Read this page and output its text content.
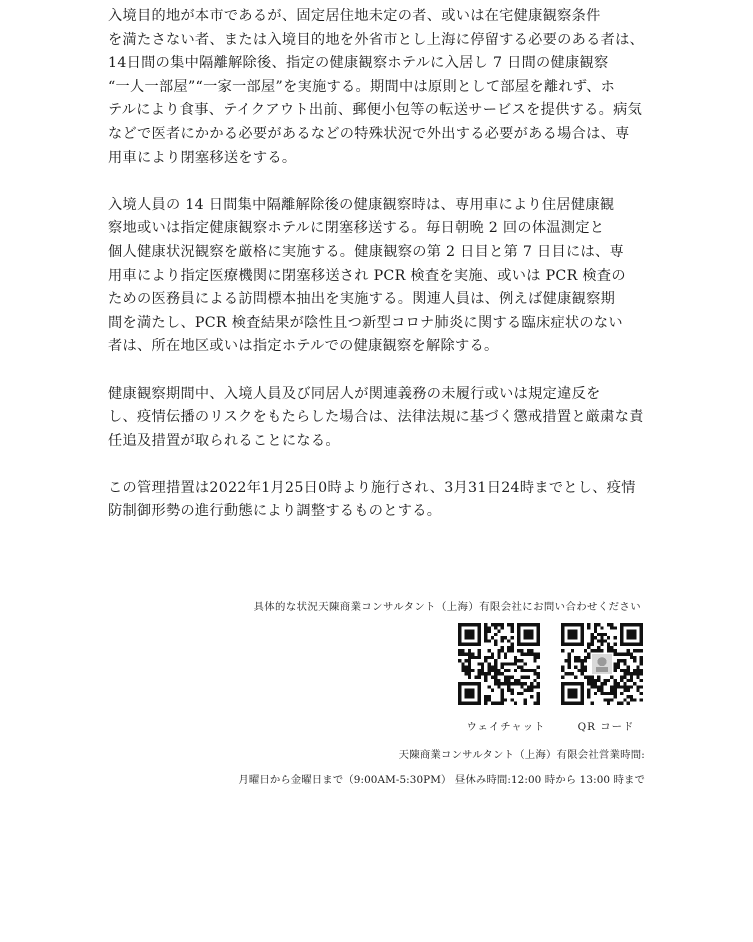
入境目的地が本市であるが、固定居住地未定の者、或いは在宅健康観察条件
を満たさない者、または入境目的地を外省市とし上海に停留する必要のある者は、
14日間の集中隔離解除後、指定の健康観察ホテルに入居し 7 日間の健康観察
“一人一部屋”“一家一部屋”を実施する。期間中は原則として部屋を離れず、ホ
テルにより食事、テイクアウト出前、郵便小包等の転送サービスを提供する。病気
などで医者にかかる必要があるなどの特殊状況で外出する必要がある場合は、専
用車により閉塞移送をする。

入境人員の 14 日間集中隔離解除後の健康観察時は、専用車により住居健康観
察地或いは指定健康観察ホテルに閉塞移送する。毎日朝晩 2 回の体温測定と
個人健康状況観察を厳格に実施する。健康観察の第 2 日目と第 7 日目には、専
用車により指定医療機関に閉塞移送され PCR 検査を実施、或いは PCR 検査の
ための医務員による訪問標本抽出を実施する。関連人員は、例えば健康観察期
間を満たし、PCR 検査結果が陰性且つ新型コロナ肺炎に関する臨床症状のない
者は、所在地区或いは指定ホテルでの健康観察を解除する。

健康観察期間中、入境人員及び同居人が関連義務の未履行或いは規定違反を
し、疫情伝播のリスクをもたらした場合は、法律法規に基づく懲戒措置と厳粛な責
任追及措置が取られることになる。

この管理措置は2022年1月25日0時より施行され、3月31日24時までとし、疫情
防制御形勢の進行動態により調整するものとする。

具体的な状況天陳商業コンサルタント（上海）有限会社にお問い合わせください
ウェイチャット	QR コード
天陳商業コンサルタント（上海）有限会社営業時間:
月曜日から金曜日まで（9:00AM-5:30PM） 昼休み時間:12:00 時から 13:00 時まで
